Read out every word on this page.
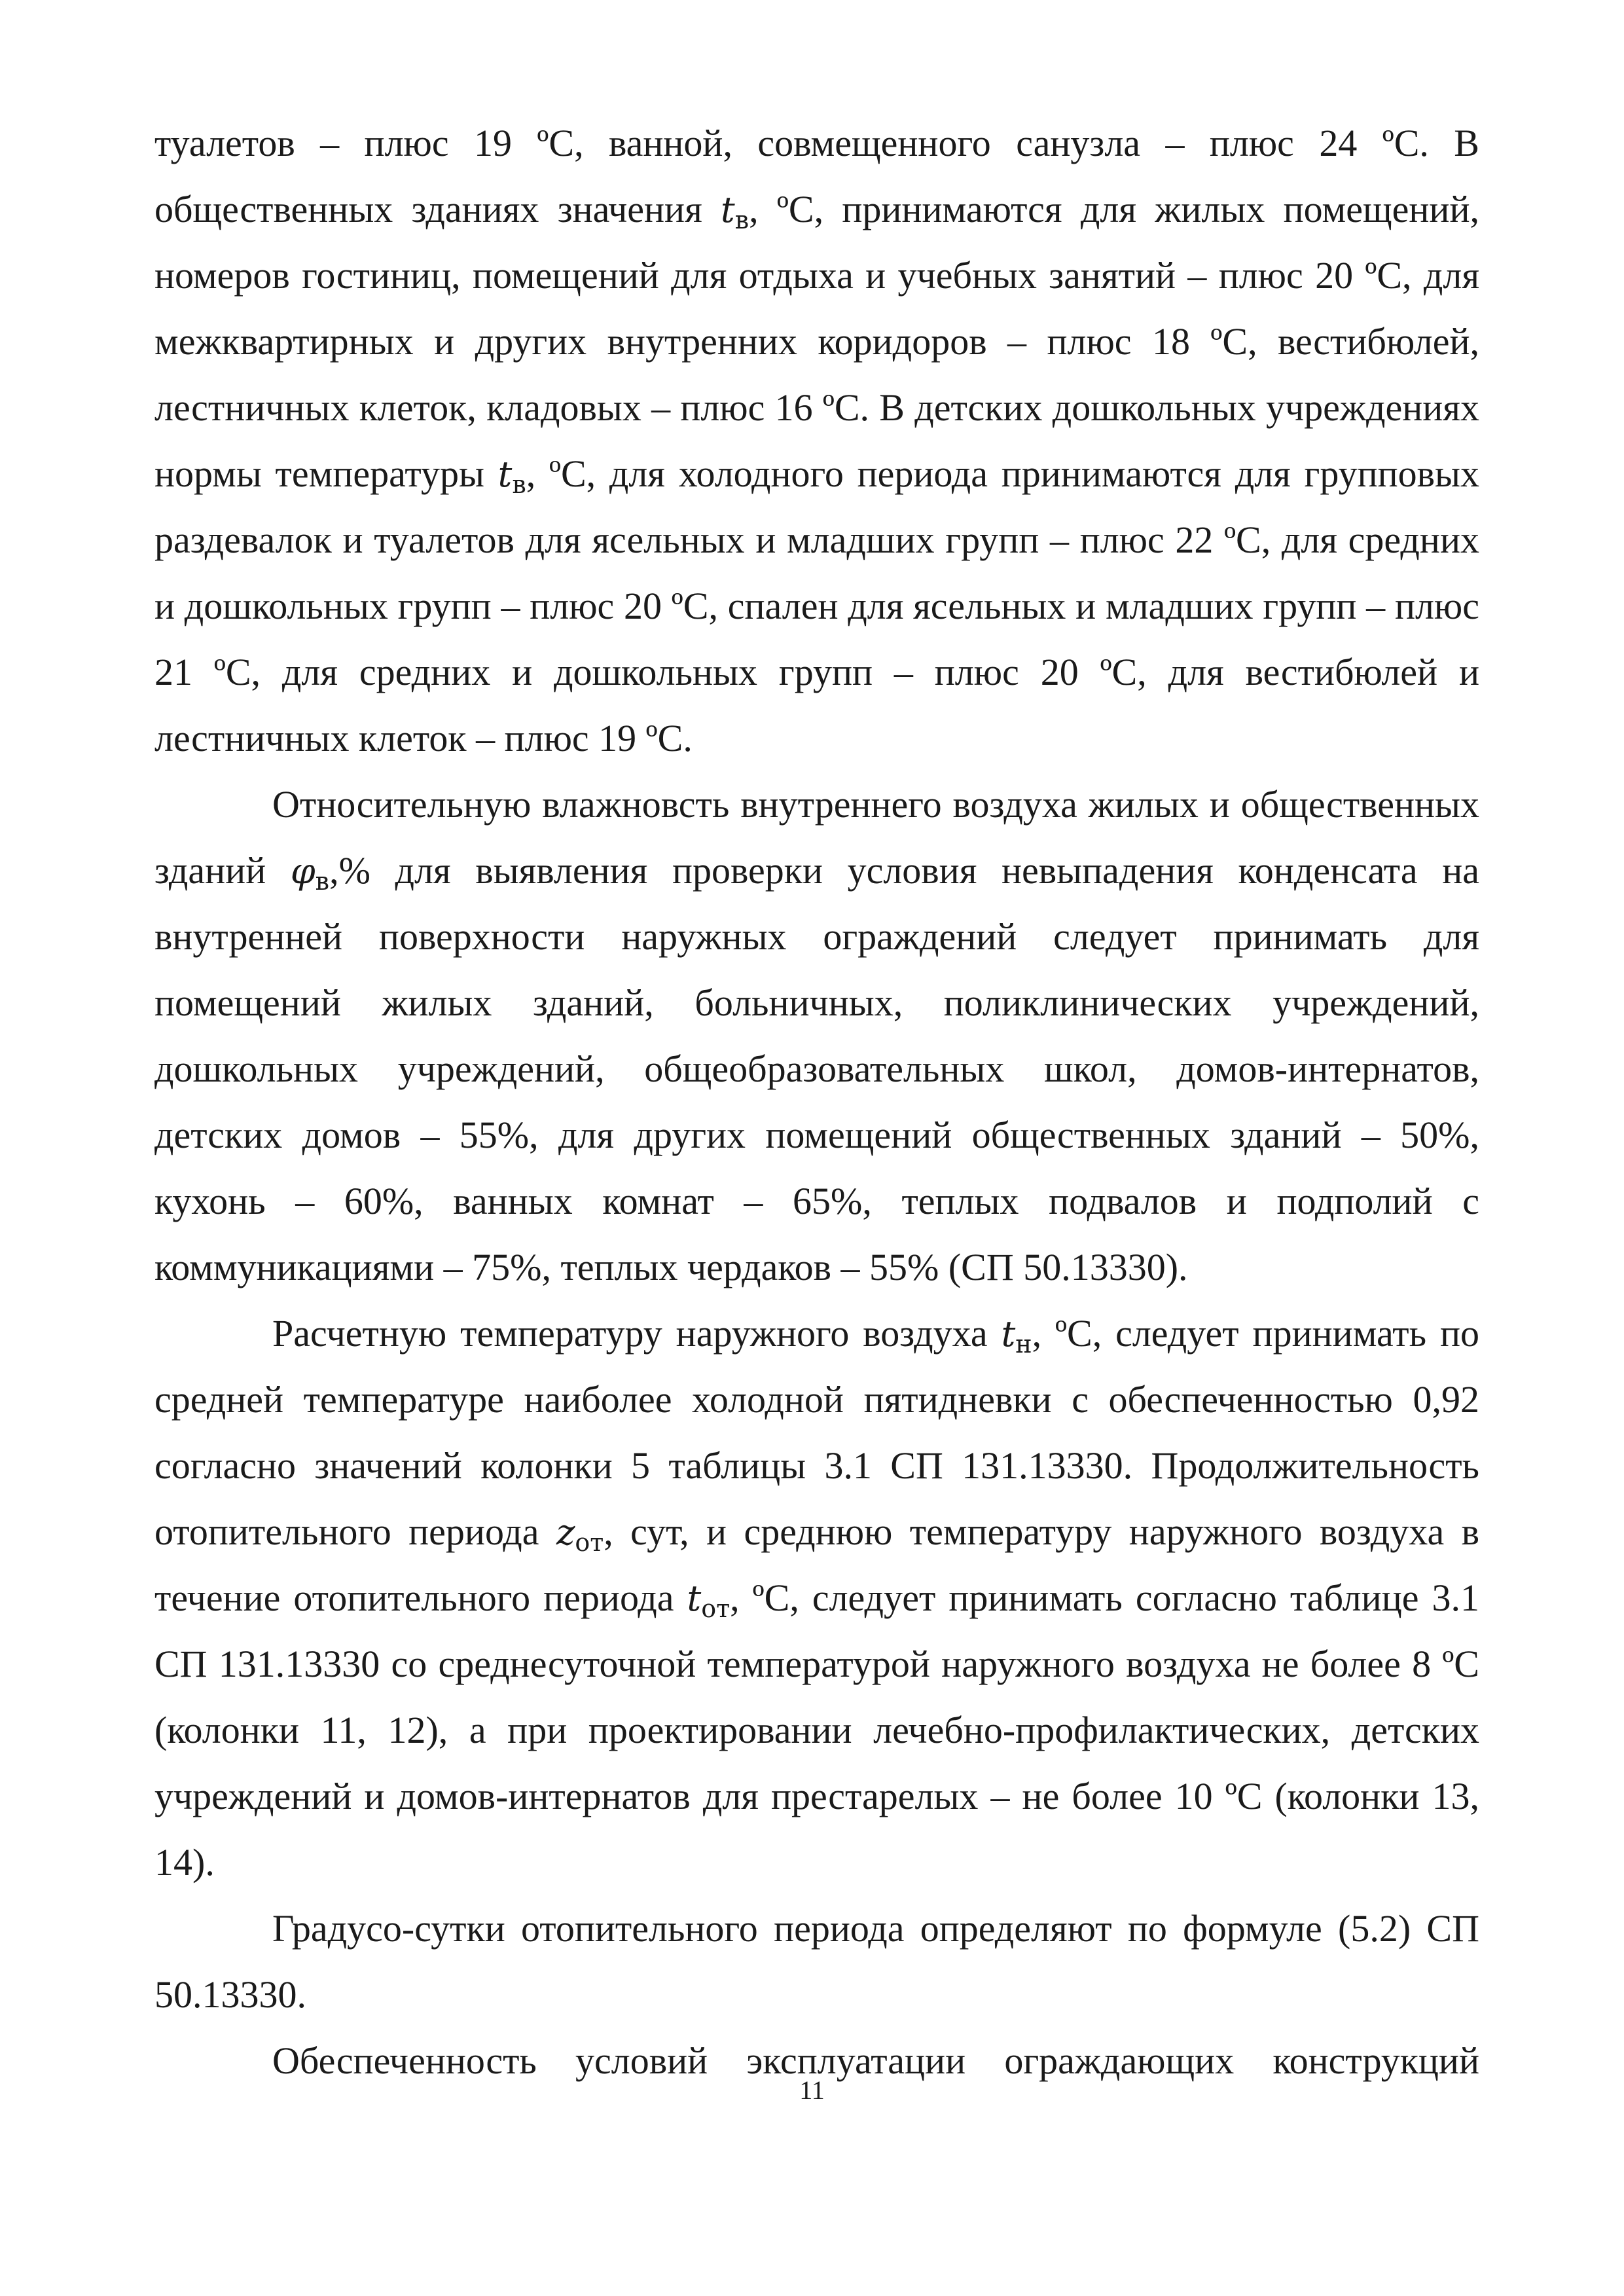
туалетов – плюс 19 ºС, ванной, совмещенного санузла – плюс 24 ºС. В
общественных зданиях значения $t_в$, ºС, принимаются для жилых помещений,
номеров гостиниц, помещений для отдыха и учебных занятий – плюс 20 ºС, для
межквартирных и других внутренних коридоров – плюс 18 ºС, вестибюлей,
лестничных клеток, кладовых – плюс 16 ºС. В детских дошкольных учреждениях
нормы температуры $t_в$, ºС, для холодного периода принимаются для групповых
раздевалок и туалетов для ясельных и младших групп – плюс 22 ºС, для средних
и дошкольных групп – плюс 20 ºС, спален для ясельных и младших групп – плюс
21 ºС, для средних и дошкольных групп – плюс 20 ºС, для вестибюлей и
лестничных клеток – плюс 19 ºС.
Относительную влажновсть внутреннего воздуха жилых и общественных
зданий $\varphi_в,\%$ для выявления проверки условия невыпадения конденсата на
внутренней поверхности наружных ограждений следует принимать для
помещений жилых зданий, больничных, поликлинических учреждений,
дошкольных учреждений, общеобразовательных школ, домов-интернатов,
детских домов – 55%, для других помещений общественных зданий – 50%,
кухонь – 60%, ванных комнат – 65%, теплых подвалов и подполий с
коммуникациями – 75%, теплых чердаков – 55% (СП 50.13330).
Расчетную температуру наружного воздуха $t_н$, ºС, следует принимать по
средней температуре наиболее холодной пятидневки с обеспеченностью 0,92
согласно значений колонки 5 таблицы 3.1 СП 131.13330. Продолжительность
отопительного периода $z_{от}$, сут, и среднюю температуру наружного воздуха в
течение отопительного периода $t_{от}$, ºС, следует принимать согласно таблице 3.1
СП 131.13330 со среднесуточной температурой наружного воздуха не более 8 ºС
(колонки 11, 12), а при проектировании лечебно-профилактических, детских
учреждений и домов-интернатов для престарелых – не более 10 ºС (колонки 13,
14).
Градусо-сутки отопительного периода определяют по формуле (5.2) СП
50.13330.
Обеспеченность условий эксплуатации ограждающих конструкций
11
